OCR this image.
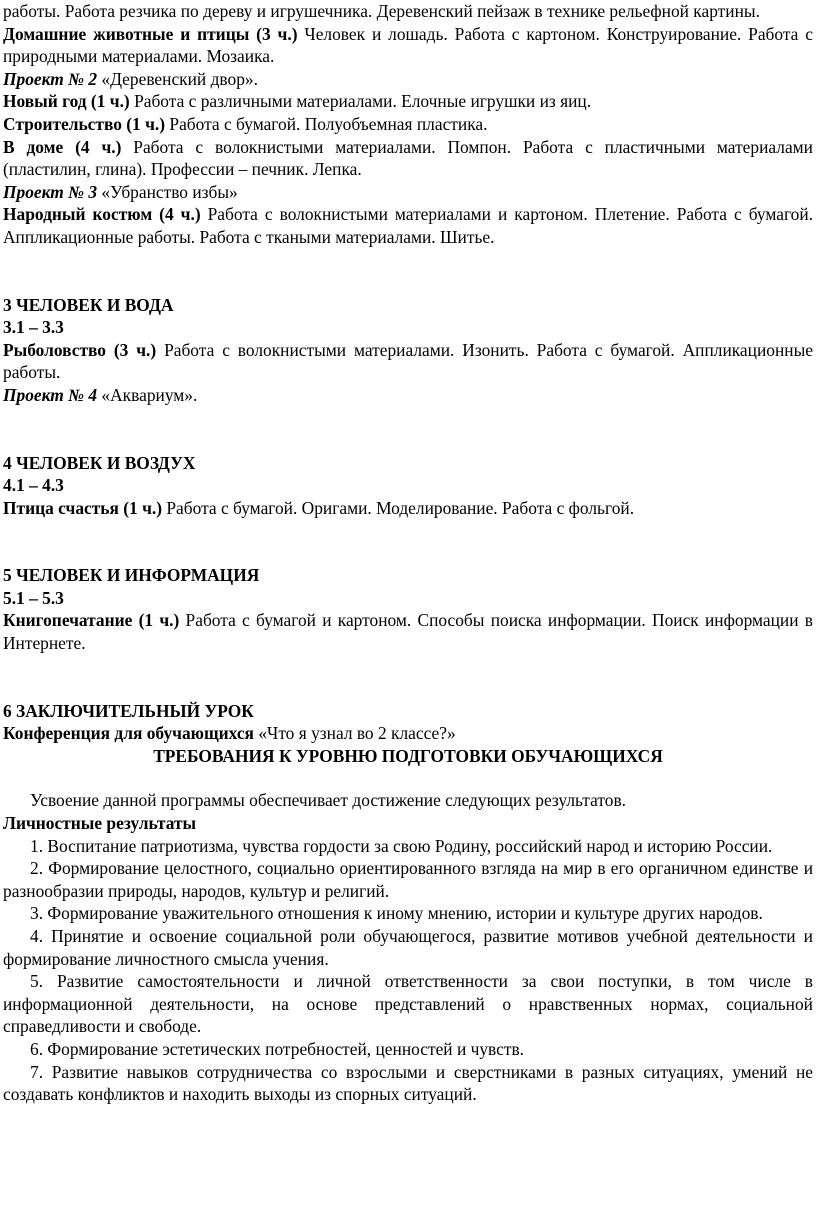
работы. Работа резчика по дереву и игрушечника. Деревенский пейзаж в технике рельефной картины.

Домашние животные и птицы (3 ч.) Человек и лошадь. Работа с картоном. Конструирование. Работа с природными материалами. Мозаика.

Проект № 2 «Деревенский двор».

Новый год (1 ч.) Работа с различными материалами. Елочные игрушки из яиц.

Строительство (1 ч.) Работа с бумагой. Полуобъемная пластика.

В доме (4 ч.) Работа с волокнистыми материалами. Помпон. Работа с пластичными материалами (пластилин, глина). Профессии – печник. Лепка.

Проект № 3 «Убранство избы»

Народный костюм (4 ч.) Работа с волокнистыми материалами и картоном. Плетение. Работа с бумагой. Аппликационные работы. Работа с ткаными материалами. Шитье.

3 ЧЕЛОВЕК И ВОДА

3.1 – 3.3

Рыболовство (3 ч.) Работа с волокнистыми материалами. Изонить. Работа с бумагой. Аппликационные работы.

Проект № 4 «Аквариум».

4 ЧЕЛОВЕК И ВОЗДУХ

4.1 – 4.3

Птица счастья (1 ч.) Работа с бумагой. Оригами. Моделирование. Работа с фольгой.

5 ЧЕЛОВЕК И ИНФОРМАЦИЯ

5.1 – 5.3

Книгопечатание (1 ч.) Работа с бумагой и картоном. Способы поиска информации. Поиск информации в Интернете.

6 ЗАКЛЮЧИТЕЛЬНЫЙ УРОК

Конференция для обучающихся «Что я узнал во 2 классе?»

ТРЕБОВАНИЯ К УРОВНЮ ПОДГОТОВКИ ОБУЧАЮЩИХСЯ

Усвоение данной программы обеспечивает достижение следующих результатов.

Личностные результаты

1. Воспитание патриотизма, чувства гордости за свою Родину, российский народ и историю России.

2. Формирование целостного, социально ориентированного взгляда на мир в его органичном единстве и разнообразии природы, народов, культур и религий.

3. Формирование уважительного отношения к иному мнению, истории и культуре других народов.

4. Принятие и освоение социальной роли обучающегося, развитие мотивов учебной деятельности и формирование личностного смысла учения.

5. Развитие самостоятельности и личной ответственности за свои поступки, в том числе в информационной деятельности, на основе представлений о нравственных нормах, социальной справедливости и свободе.

6. Формирование эстетических потребностей, ценностей и чувств.

7. Развитие навыков сотрудничества со взрослыми и сверстниками в разных ситуациях, умений не создавать конфликтов и находить выходы из спорных ситуаций.
